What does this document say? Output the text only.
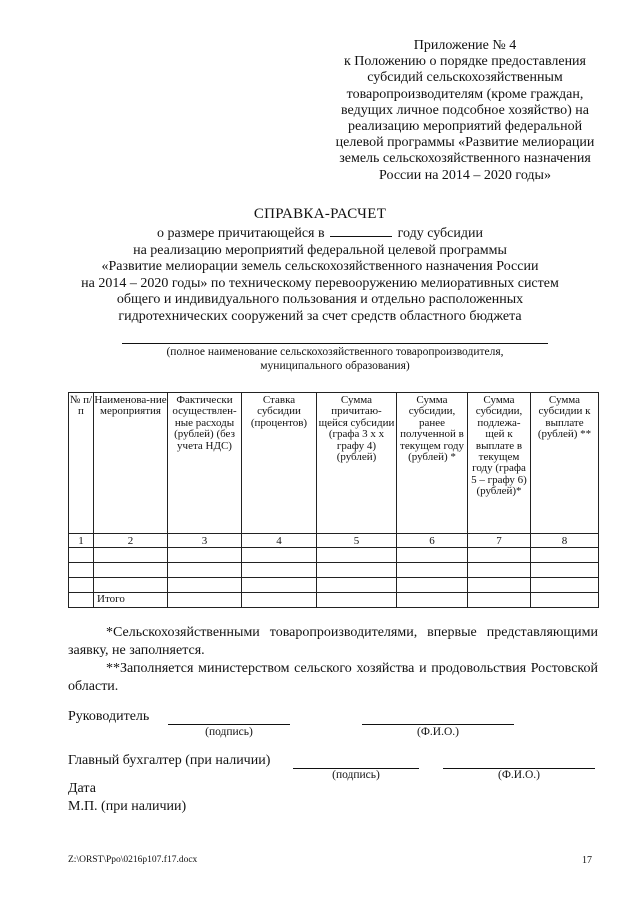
Приложение № 4
к Положению о порядке предоставления
субсидий сельскохозяйственным
товаропроизводителям (кроме граждан,
ведущих личное подсобное хозяйство) на
реализацию мероприятий федеральной
целевой программы «Развитие мелиорации
земель сельскохозяйственного назначения
России на 2014 – 2020 годы»
СПРАВКА-РАСЧЕТ
о размере причитающейся в	году субсидии
на реализацию мероприятий федеральной целевой программы
«Развитие мелиорации земель сельскохозяйственного назначения России
на 2014 – 2020 годы» по техническому перевооружению мелиоративных систем
общего и индивидуального пользования и отдельно расположенных
гидротехнических сооружений за счет средств областного бюджета
(полное наименование сельскохозяйственного товаропроизводителя,
муниципального образования)
№ п/п	Наименова-ние мероприятия	Фактически осуществлен-ные расходы (рублей) (без учета НДС)	Ставка субсидии (процентов)	Сумма причитаю-щейся субсидии (графа 3 х х графу 4) (рублей)	Сумма субсидии, ранее полученной в текущем году (рублей) *	Сумма субсидии, подлежа-щей к выплате в текущем году (графа 5 – графу 6) (рублей)*	Сумма субсидии к выплате (рублей) **
1	2	3	4	5	6	7	8

	Итого						

*Сельскохозяйственными товаропроизводителями, впервые представляющими заявку, не заполняется.

**Заполняется министерством сельского хозяйства и продовольствия Ростовской области.

Руководитель
(подпись)	(Ф.И.О.)
Главный бухгалтер (при наличии)
(подпись)	(Ф.И.О.)
Дата
М.П. (при наличии)
Z:\ORST\Ppo\0216p107.f17.docx	17
